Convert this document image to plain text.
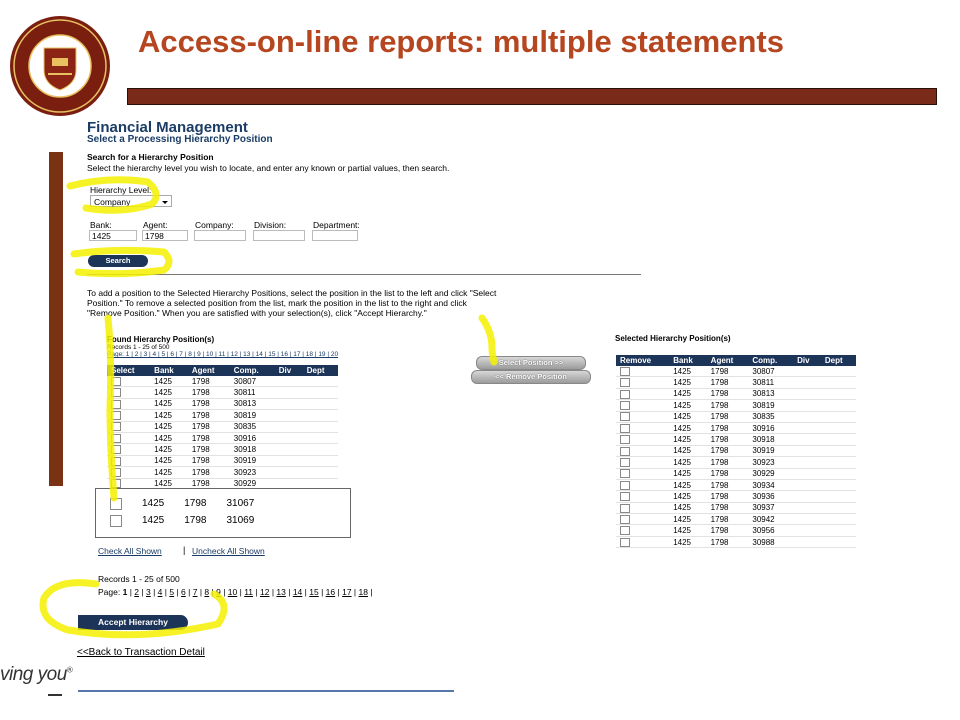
Access-on-line reports: multiple statements
ving you®
Financial Management
Select a Processing Hierarchy Position
Search for a Hierarchy Position
Select the hierarchy level you wish to locate, and enter any known or partial values, then search.
Hierarchy Level:
Company
Bank:
1425
Agent:
1798
Company: Division:	Department:
Search
To add a position to the Selected Hierarchy Positions, select the position in the list to the left and click "Select
Position." To remove a selected position from the list, mark the position in the list to the right and click
"Remove Position." When you are satisfied with your selection(s), click "Accept Hierarchy."
Found Hierarchy Position(s)
Records 1 - 25 of 500
Page: 1 | 2 | 3 | 4 | 5 | 6 | 7 | 8 | 9 | 10 | 11 | 12 | 13 | 14 | 15 | 16 | 17 | 18 | 19 | 20
Select	Bank	Agent	Comp.	Div	Dept
	1425	1798	30807		
	1425	1798	30811		
	1425	1798	30813		
	1425	1798	30819		
	1425	1798	30835		
	1425	1798	30916		
	1425	1798	30918		
	1425	1798	30919		
	1425	1798	30923		
	1425	1798	30929		
	1425	1798	31067		
	1425	1798	31069		
Select Position >>
<< Remove Position
Selected Hierarchy Position(s)
Remove	Bank	Agent	Comp.	Div	Dept
	1425	1798	30807		
	1425	1798	30811		
	1425	1798	30813		
	1425	1798	30819		
	1425	1798	30835		
	1425	1798	30916		
	1425	1798	30918		
	1425	1798	30919		
	1425	1798	30923		
	1425	1798	30929		
	1425	1798	30934		
	1425	1798	30936		
	1425	1798	30937		
	1425	1798	30942		
	1425	1798	30956		
	1425	1798	30988		
Check All Shown | Uncheck All Shown
Records 1 - 25 of 500
Page: 1 | 2 | 3 | 4 | 5 | 6 | 7 | 8 | 9 | 10 | 11 | 12 | 13 | 14 | 15 | 16 | 17 | 18 |
Accept Hierarchy
<<Back to Transaction Detail
